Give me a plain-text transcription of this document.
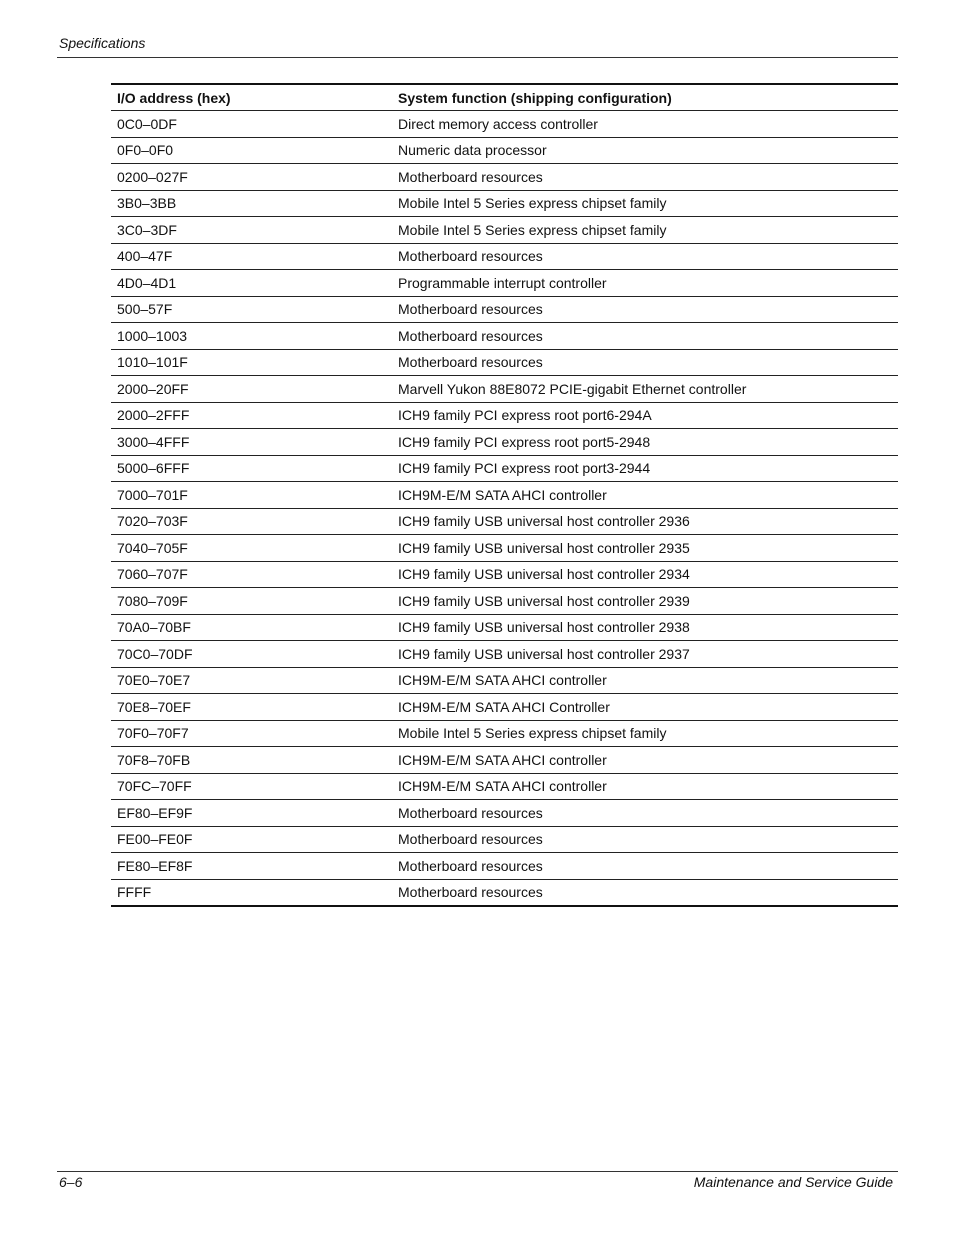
Specifications
I/O address (hex)	System function (shipping configuration)
0C0–0DF	Direct memory access controller
0F0–0F0	Numeric data processor
0200–027F	Motherboard resources
3B0–3BB	Mobile Intel 5 Series express chipset family
3C0–3DF	Mobile Intel 5 Series express chipset family
400–47F	Motherboard resources
4D0–4D1	Programmable interrupt controller
500–57F	Motherboard resources
1000–1003	Motherboard resources
1010–101F	Motherboard resources
2000–20FF	Marvell Yukon 88E8072 PCIE-gigabit Ethernet controller
2000–2FFF	ICH9 family PCI express root port6-294A
3000–4FFF	ICH9 family PCI express root port5-2948
5000–6FFF	ICH9 family PCI express root port3-2944
7000–701F	ICH9M-E/M SATA AHCI controller
7020–703F	ICH9 family USB universal host controller 2936
7040–705F	ICH9 family USB universal host controller 2935
7060–707F	ICH9 family USB universal host controller 2934
7080–709F	ICH9 family USB universal host controller 2939
70A0–70BF	ICH9 family USB universal host controller 2938
70C0–70DF	ICH9 family USB universal host controller 2937
70E0–70E7	ICH9M-E/M SATA AHCI controller
70E8–70EF	ICH9M-E/M SATA AHCI Controller
70F0–70F7	Mobile Intel 5 Series express chipset family
70F8–70FB	ICH9M-E/M SATA AHCI controller
70FC–70FF	ICH9M-E/M SATA AHCI controller
EF80–EF9F	Motherboard resources
FE00–FE0F	Motherboard resources
FE80–EF8F	Motherboard resources
FFFF	Motherboard resources
6–6	Maintenance and Service Guide
